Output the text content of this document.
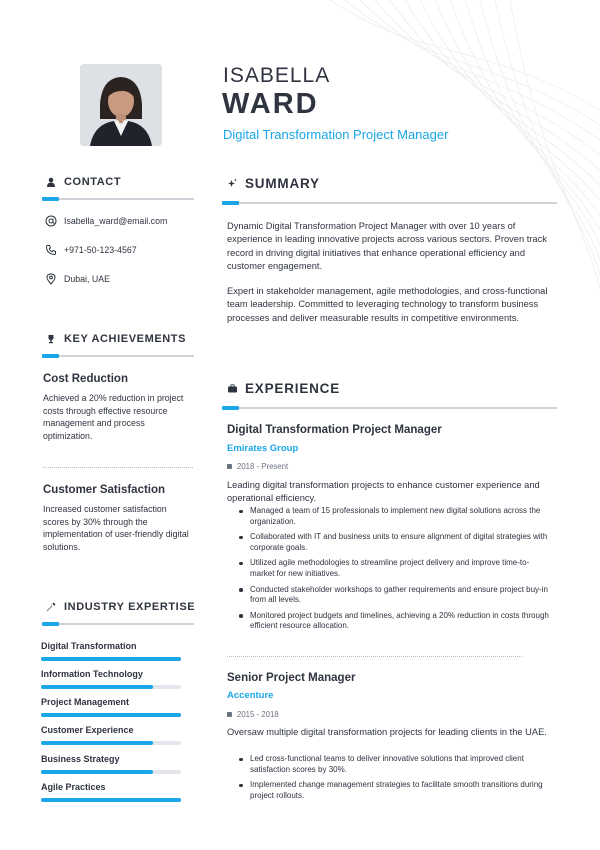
ISABELLA
WARD
Digital Transformation Project Manager
CONTACT
Isabella_ward@email.com
+971-50-123-4567
Dubai, UAE
KEY ACHIEVEMENTS
Cost Reduction
Achieved a 20% reduction in project costs through effective resource management and process optimization.
Customer Satisfaction
Increased customer satisfaction scores by 30% through the implementation of user-friendly digital solutions.
INDUSTRY EXPERTISE
Digital Transformation
Information Technology
Project Management
Customer Experience
Business Strategy
Agile Practices
SUMMARY
Dynamic Digital Transformation Project Manager with over 10 years of experience in leading innovative projects across various sectors. Proven track record in driving digital initiatives that enhance operational efficiency and customer engagement.
Expert in stakeholder management, agile methodologies, and cross-functional team leadership. Committed to leveraging technology to transform business processes and deliver measurable results in competitive environments.
EXPERIENCE
Digital Transformation Project Manager
Emirates Group
2018 - Present
Leading digital transformation projects to enhance customer experience and operational efficiency.
Managed a team of 15 professionals to implement new digital solutions across the organization.
Collaborated with IT and business units to ensure alignment of digital strategies with corporate goals.
Utilized agile methodologies to streamline project delivery and improve time-to-market for new initiatives.
Conducted stakeholder workshops to gather requirements and ensure project buy-in from all levels.
Monitored project budgets and timelines, achieving a 20% reduction in costs through efficient resource allocation.
Senior Project Manager
Accenture
2015 - 2018
Oversaw multiple digital transformation projects for leading clients in the UAE.
Led cross-functional teams to deliver innovative solutions that improved client satisfaction scores by 30%.
Implemented change management strategies to facilitate smooth transitions during project rollouts.
